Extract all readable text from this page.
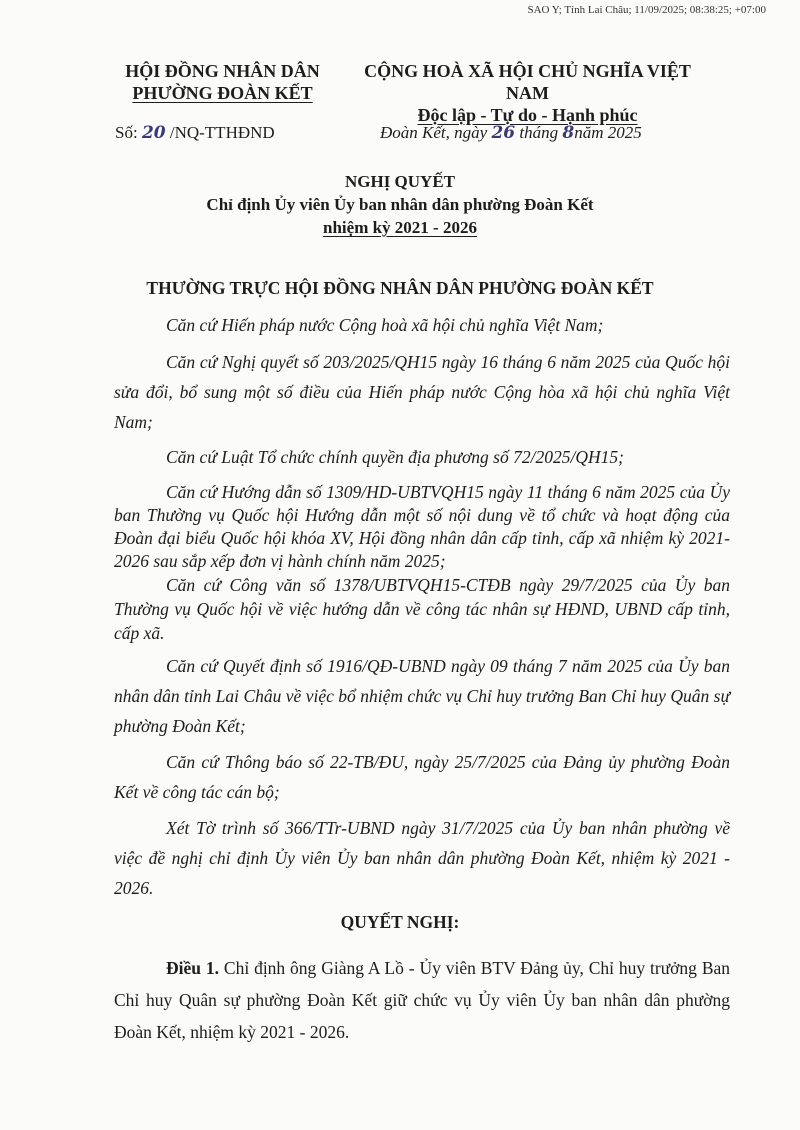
SAO Y; Tỉnh Lai Châu; 11/09/2025; 08:38:25; +07:00
HỘI ĐỒNG NHÂN DÂN
PHƯỜNG ĐOÀN KẾT
CỘNG HOÀ XÃ HỘI CHỦ NGHĨA VIỆT NAM
Độc lập - Tự do - Hạnh phúc
Số: 20 /NQ-TTHĐND	Đoàn Kết, ngày 26 tháng 8năm 2025
NGHỊ QUYẾT
Chỉ định Ủy viên Ủy ban nhân dân phường Đoàn Kết
nhiệm kỳ 2021 - 2026
THƯỜNG TRỰC HỘI ĐỒNG NHÂN DÂN PHƯỜNG ĐOÀN KẾT

Căn cứ Hiến pháp nước Cộng hoà xã hội chủ nghĩa Việt Nam;

Căn cứ Nghị quyết số 203/2025/QH15 ngày 16 tháng 6 năm 2025 của Quốc hội sửa đổi, bổ sung một số điều của Hiến pháp nước Cộng hòa xã hội chủ nghĩa Việt Nam;

Căn cứ Luật Tổ chức chính quyền địa phương số 72/2025/QH15;

Căn cứ Hướng dẫn số 1309/HD-UBTVQH15 ngày 11 tháng 6 năm 2025 của Ủy ban Thường vụ Quốc hội Hướng dẫn một số nội dung về tổ chức và hoạt động của Đoàn đại biểu Quốc hội khóa XV, Hội đồng nhân dân cấp tỉnh, cấp xã nhiệm kỳ 2021-2026 sau sắp xếp đơn vị hành chính năm 2025;

Căn cứ Công văn số 1378/UBTVQH15-CTĐB ngày 29/7/2025 của Ủy ban Thường vụ Quốc hội về việc hướng dẫn về công tác nhân sự HĐND, UBND cấp tỉnh, cấp xã.

Căn cứ Quyết định số 1916/QĐ-UBND ngày 09 tháng 7 năm 2025 của Ủy ban nhân dân tỉnh Lai Châu về việc bổ nhiệm chức vụ Chỉ huy trưởng Ban Chỉ huy Quân sự phường Đoàn Kết;

Căn cứ Thông báo số 22-TB/ĐU, ngày 25/7/2025 của Đảng ủy phường Đoàn Kết về công tác cán bộ;

Xét Tờ trình số 366/TTr-UBND ngày 31/7/2025 của Ủy ban nhân phường về việc đề nghị chỉ định Ủy viên Ủy ban nhân dân phường Đoàn Kết, nhiệm kỳ 2021 - 2026.

QUYẾT NGHỊ:

Điều 1. Chỉ định ông Giàng A Lồ - Ủy viên BTV Đảng ủy, Chỉ huy trưởng Ban Chỉ huy Quân sự phường Đoàn Kết giữ chức vụ Ủy viên Ủy ban nhân dân phường Đoàn Kết, nhiệm kỳ 2021 - 2026.
